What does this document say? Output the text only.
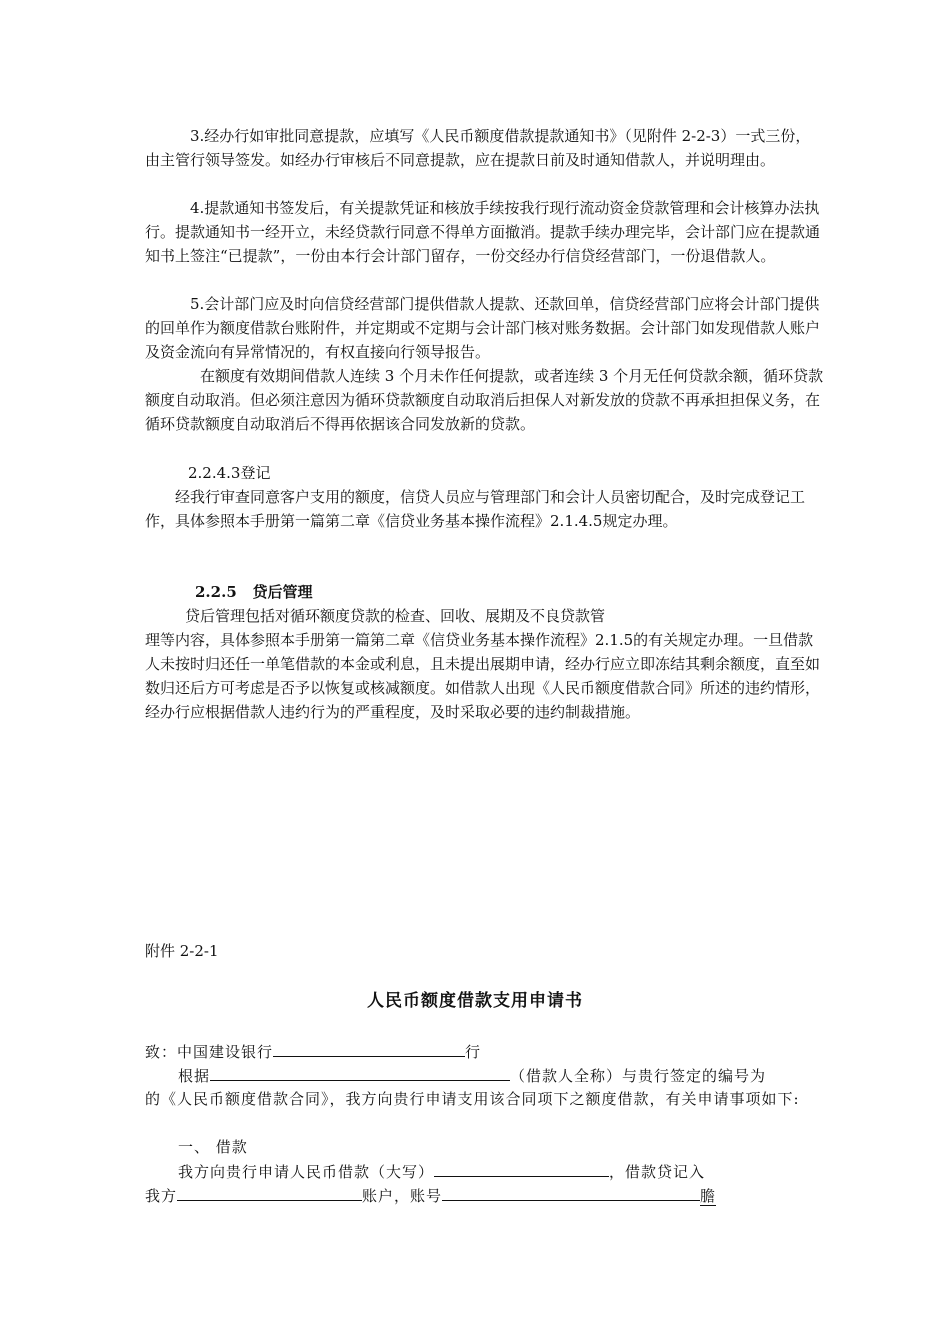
3.经办行如审批同意提款，应填写《人民币额度借款提款通知书》（见附件 2-2-3）一式三份，由主管行领导签发。如经办行审核后不同意提款，应在提款日前及时通知借款人，并说明理由。

4.提款通知书签发后，有关提款凭证和核放手续按我行现行流动资金贷款管理和会计核算办法执行。提款通知书一经开立，未经贷款行同意不得单方面撤消。提款手续办理完毕，会计部门应在提款通知书上签注“已提款”，一份由本行会计部门留存，一份交经办行信贷经营部门，一份退借款人。

5.会计部门应及时向信贷经营部门提供借款人提款、还款回单，信贷经营部门应将会计部门提供的回单作为额度借款台账附件，并定期或不定期与会计部门核对账务数据。会计部门如发现借款人账户及资金流向有异常情况的，有权直接向行领导报告。

在额度有效期间借款人连续 3 个月未作任何提款，或者连续 3 个月无任何贷款余额，循环贷款额度自动取消。但必须注意因为循环贷款额度自动取消后担保人对新发放的贷款不再承担担保义务，在循环贷款额度自动取消后不得再依据该合同发放新的贷款。

2.2.4.3登记

经我行审查同意客户支用的额度，信贷人员应与管理部门和会计人员密切配合，及时完成登记工作，具体参照本手册第一篇第二章《信贷业务基本操作流程》2.1.4.5规定办理。

2.2.5 贷后管理

贷后管理包括对循环额度贷款的检查、回收、展期及不良贷款管

理等内容，具体参照本手册第一篇第二章《信贷业务基本操作流程》2.1.5的有关规定办理。一旦借款人未按时归还任一单笔借款的本金或利息，且未提出展期申请，经办行应立即冻结其剩余额度，直至如数归还后方可考虑是否予以恢复或核减额度。如借款人出现《人民币额度借款合同》所述的违约情形，经办行应根据借款人违约行为的严重程度，及时采取必要的违约制裁措施。

附件 2-2-1

人民币额度借款支用申请书

致：中国建设银行	行
根据	（借款人全称）与贵行签定的编号为

的《人民币额度借款合同》，我方向贵行申请支用该合同项下之额度借款，有关申请事项如下:

一、 借款
我方向贵行申请人民币借款（大写）	，借款贷记入
我方	账户，账号	膽
